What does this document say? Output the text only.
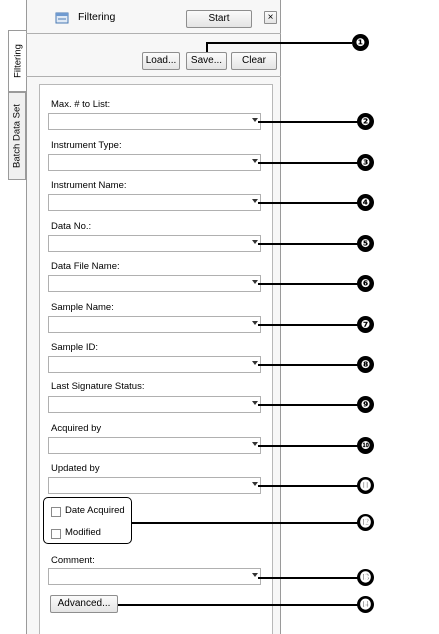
Filtering
Batch Data Set
Filtering	Start	×
Load...	Save...	Clear
❶
Max. # to List:
❷
Instrument Type:
❸
Instrument Name:
❹
Data No.:
❺
Data File Name:
❻
Sample Name:
❼
Sample ID:
❽
Last Signature Status:
❾
Acquired by
❿
Updated by
⓫
Date Acquired
Modified
⓬
Comment:
⓭
Advanced...	⓮
